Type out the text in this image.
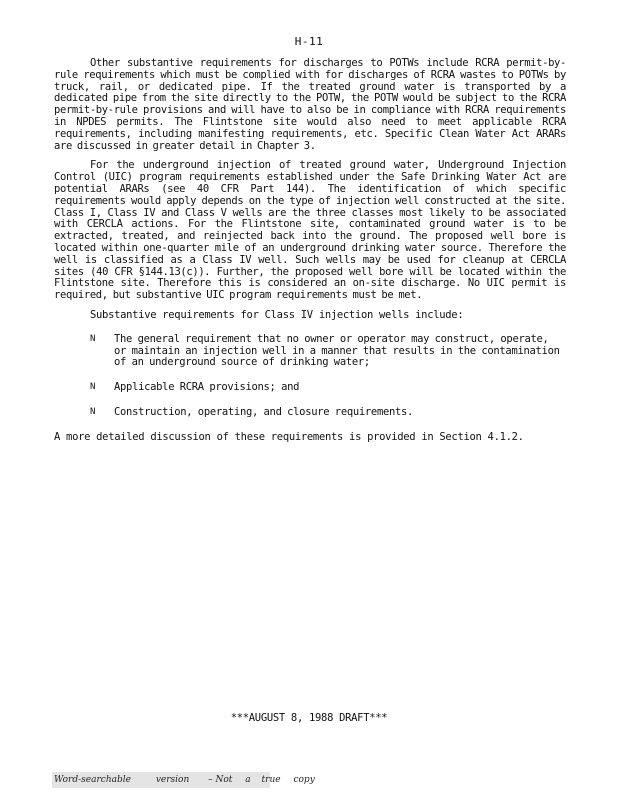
H-11

Other substantive requirements for discharges to POTWs include RCRA permit-by-rule requirements which must be complied with for discharges of RCRA wastes to POTWs by truck, rail, or dedicated pipe. If the treated ground water is transported by a dedicated pipe from the site directly to the POTW, the POTW would be subject to the RCRA permit-by-rule provisions and will have to also be in compliance with RCRA requirements in NPDES permits. The Flintstone site would also need to meet applicable RCRA requirements, including manifesting requirements, etc. Specific Clean Water Act ARARs are discussed in greater detail in Chapter 3.

For the underground injection of treated ground water, Underground Injection Control (UIC) program requirements established under the Safe Drinking Water Act are potential ARARs (see 40 CFR Part 144). The identification of which specific requirements would apply depends on the type of injection well constructed at the site. Class I, Class IV and Class V wells are the three classes most likely to be associated with CERCLA actions. For the Flintstone site, contaminated ground water is to be extracted, treated, and reinjected back into the ground. The proposed well bore is located within one-quarter mile of an underground drinking water source. Therefore the well is classified as a Class IV well. Such wells may be used for cleanup at CERCLA sites (40 CFR §144.13(c)). Further, the proposed well bore will be located within the Flintstone site. Therefore this is considered an on-site discharge. No UIC permit is required, but substantive UIC program requirements must be met.

Substantive requirements for Class IV injection wells include:

N The general requirement that no owner or operator may construct, operate, or maintain an injection well in a manner that results in the contamination of an underground source of drinking water;
N Applicable RCRA provisions; and
N Construction, operating, and closure requirements.

A more detailed discussion of these requirements is provided in Section 4.1.2.

***AUGUST 8, 1988 DRAFT***
Word-searchable	version – Not a true copy
